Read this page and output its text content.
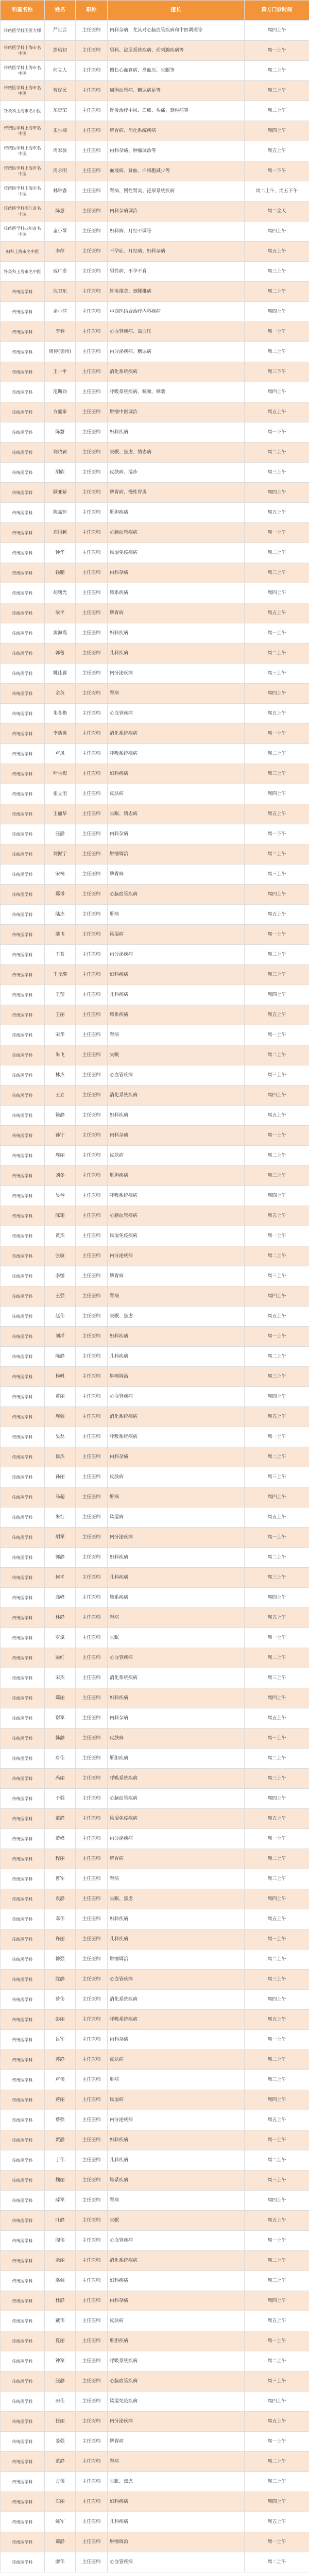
科室名称	姓名	职称	擅长	黄方门诊时间
传统医学科国医大师	严世芸	主任医师	内科杂病，尤其对心脑血管疾病和中医调理等	周四上午
传统医学科上海市名中医	彭培初	主任医师	男科、泌尿系统疾病、前列腺疾病等	周一上午
传统医学科上海市名中医	何立人	主任医师	擅长心血管病、高血压、失眠等	周二上午
传统医学科上海市名中医	曹烨民	主任医师	周围血管病、糖尿病足等	周三上午
针灸科上海市名中医	东贵荣	主任医师	针灸治疗中风、面瘫、头痛、颈椎病等	周二上午
传统医学科上海市名中医	朱生樑	主任医师	脾胃病、消化系统疾病	周四上午
传统医学科上海市名中医	周家骏	主任医师	内科杂病、肿瘤调治等	周五上午
传统医学科上海市名中医	周永明	主任医师	血液病、贫血、白细胞减少等	周一下午
传统医学科上海市名中医	林钟香	主任医师	肾病、慢性肾炎、泌尿系统疾病	周二上午，周五下午
传统医学科浙江省名中医	陈意	主任医师	内科杂病调治	周二全天
传统医学科四川省名中医	童小琴	主任医师	妇科病、月经不调等	周四上午
妇科上海市名中医	李萍	主任医师	不孕症、月经病、妇科杂病	周五上午
针灸科上海市名中医	戚广崇	主任医师	男性病、不孕不育	周三上午
传统医学科	沈卫东	主任医师	针灸推拿、颈腰椎病	周二上午
传统医学科	余小萍	主任医师	中西医结合治疗内科疾病	周四上午
传统医学科	李春	主任医师	心血管疾病、高血压	周一上午
传统医学科	周婷(德州)	主任医师	内分泌疾病、糖尿病	周二上午
传统医学科	王一平	主任医师	消化系统疾病	周三下午
传统医学科	范斯钧	主任医师	呼吸系统疾病、咳嗽、哮喘	周四上午
传统医学科	方盛泉	主任医师	肿瘤中医调治	周五上午
传统医学科	陈慧	主任医师	妇科疾病	周一下午
传统医学科	刘晓颖	主任医师	失眠、焦虑、情志病	周二上午
传统医学科	胡欣	主任医师	皮肤病、湿疹	周三上午
传统医学科	顾亚娇	主任医师	脾胃病、慢性胃炎	周四上午
传统医学科	陈嘉恒	主任医师	肝胆疾病	周五上午
传统医学科	邓国颖	主任医师	心脑血管疾病	周一上午
传统医学科	钟华	主任医师	风湿免疫疾病	周二上午
传统医学科	钱鹏	主任医师	内科杂病	周三上午
传统医学科	胡曙光	主任医师	肺系疾病	周四上午
传统医学科	梁平	主任医师	脾胃病	周五上午
传统医学科	黄海霞	主任医师	妇科疾病	周一上午
传统医学科	郭蕾	主任医师	儿科疾病	周二上午
传统医学科	姚佳蓉	主任医师	内分泌疾病	周三上午
传统医学科	余英	主任医师	肾病	周四上午
传统医学科	朱冬梅	主任医师	心血管疾病	周五上午
传统医学科	李幼英	主任医师	消化系统疾病	周一上午
传统医学科	卢凤	主任医师	呼吸系统疾病	周二上午
传统医学科	叶雪梅	主任医师	妇科疾病	周三上午
传统医学科	张立旭	主任医师	皮肤病	周四上午
传统医学科	王丽华	主任医师	失眠、情志病	周五上午
传统医学科	汪静	主任医师	内科杂病	周一下午
传统医学科	刘振宁	主任医师	肿瘤调治	周二上午
传统医学科	宋楠	主任医师	脾胃病	周三上午
传统医学科	郑博	主任医师	心脑血管疾病	周四上午
传统医学科	陆杰	主任医师	肝病	周五上午
传统医学科	潘飞	主任医师	风湿病	周一上午
传统医学科	王茗	主任医师	内分泌疾病	周二上午
传统医学科	王丘瑛	主任医师	妇科疾病	周三上午
传统医学科	王莹	主任医师	儿科疾病	周四上午
传统医学科	王丽	主任医师	肺系疾病	周五上午
传统医学科	宋华	主任医师	肾病	周一上午
传统医学科	朱飞	主任医师	失眠	周二上午
传统医学科	林杰	主任医师	心血管疾病	周三上午
传统医学科	王立	主任医师	消化系统疾病	周四上午
传统医学科	徐静	主任医师	妇科疾病	周五上午
传统医学科	孙宁	主任医师	内科杂病	周一上午
传统医学科	周丽	主任医师	皮肤病	周二上午
传统医学科	刘冬	主任医师	肝胆疾病	周三上午
传统医学科	吴琴	主任医师	呼吸系统疾病	周四上午
传统医学科	陈珊	主任医师	心脑血管疾病	周五上午
传统医学科	黄杰	主任医师	风湿免疫疾病	周一上午
传统医学科	张敏	主任医师	内分泌疾病	周二上午
传统医学科	李娜	主任医师	脾胃病	周三上午
传统医学科	王强	主任医师	肾病	周四上午
传统医学科	赵伟	主任医师	失眠、焦虑	周五上午
传统医学科	刘洋	主任医师	妇科疾病	周一上午
传统医学科	陈静	主任医师	儿科疾病	周二上午
传统医学科	杨帆	主任医师	肿瘤调治	周三上午
传统医学科	黄丽	主任医师	心血管疾病	周四上午
传统医学科	周强	主任医师	消化系统疾病	周五上午
传统医学科	吴磊	主任医师	呼吸系统疾病	周一上午
传统医学科	徐杰	主任医师	内科杂病	周二上午
传统医学科	孙丽	主任医师	皮肤病	周三上午
传统医学科	马超	主任医师	肝病	周四上午
传统医学科	朱红	主任医师	风湿病	周五上午
传统医学科	胡军	主任医师	内分泌疾病	周一上午
传统医学科	郭静	主任医师	妇科疾病	周二上午
传统医学科	何平	主任医师	儿科疾病	周三上午
传统医学科	高峰	主任医师	肺系疾病	周四上午
传统医学科	林静	主任医师	肾病	周五上午
传统医学科	罗斌	主任医师	失眠	周一上午
传统医学科	梁红	主任医师	心血管疾病	周二上午
传统医学科	宋杰	主任医师	消化系统疾病	周三上午
传统医学科	郑丽	主任医师	妇科疾病	周四上午
传统医学科	谢军	主任医师	内科杂病	周五上午
传统医学科	韩静	主任医师	皮肤病	周一上午
传统医学科	唐伟	主任医师	肝胆疾病	周二上午
传统医学科	冯丽	主任医师	呼吸系统疾病	周三上午
传统医学科	于强	主任医师	心脑血管疾病	周四上午
传统医学科	董静	主任医师	风湿免疫疾病	周五上午
传统医学科	萧峰	主任医师	内分泌疾病	周一上午
传统医学科	程丽	主任医师	脾胃病	周二上午
传统医学科	曹军	主任医师	肾病	周三上午
传统医学科	袁静	主任医师	失眠、焦虑	周四上午
传统医学科	邓伟	主任医师	妇科疾病	周五上午
传统医学科	许丽	主任医师	儿科疾病	周一上午
传统医学科	傅强	主任医师	肿瘤调治	周二上午
传统医学科	沈静	主任医师	心血管疾病	周三上午
传统医学科	曾伟	主任医师	消化系统疾病	周四上午
传统医学科	彭丽	主任医师	呼吸系统疾病	周五上午
传统医学科	吕军	主任医师	内科杂病	周一上午
传统医学科	苏静	主任医师	皮肤病	周二上午
传统医学科	卢伟	主任医师	肝病	周三上午
传统医学科	蒋丽	主任医师	风湿病	周四上午
传统医学科	蔡强	主任医师	内分泌疾病	周五上午
传统医学科	贾静	主任医师	妇科疾病	周一上午
传统医学科	丁伟	主任医师	儿科疾病	周二上午
传统医学科	魏丽	主任医师	肺系疾病	周三上午
传统医学科	薛军	主任医师	肾病	周四上午
传统医学科	叶静	主任医师	失眠	周五上午
传统医学科	阎伟	主任医师	心血管疾病	周一上午
传统医学科	余丽	主任医师	消化系统疾病	周二上午
传统医学科	潘强	主任医师	妇科疾病	周三上午
传统医学科	杜静	主任医师	内科杂病	周四上午
传统医学科	戴伟	主任医师	皮肤病	周五上午
传统医学科	夏丽	主任医师	肝胆疾病	周一上午
传统医学科	钟军	主任医师	呼吸系统疾病	周二上午
传统医学科	汪静	主任医师	心脑血管疾病	周三上午
传统医学科	田伟	主任医师	风湿免疫疾病	周四上午
传统医学科	任丽	主任医师	内分泌疾病	周五上午
传统医学科	姜强	主任医师	脾胃病	周一上午
传统医学科	范静	主任医师	肾病	周二上午
传统医学科	方伟	主任医师	失眠、焦虑	周三上午
传统医学科	石丽	主任医师	妇科疾病	周四上午
传统医学科	姚军	主任医师	儿科疾病	周五上午
传统医学科	谭静	主任医师	肿瘤调治	周一上午
传统医学科	廖伟	主任医师	心血管疾病	周二上午
